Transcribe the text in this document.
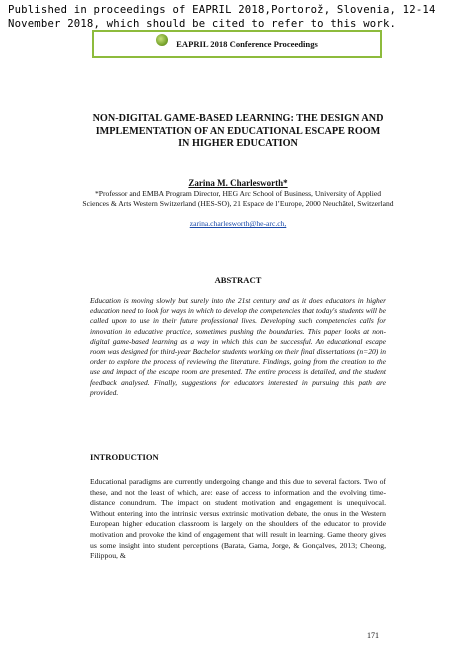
Published in proceedings of EAPRIL 2018,Portorož, Slovenia, 12-14 November 2018, which should be cited to refer to this work.
EAPRIL 2018 Conference Proceedings
NON-DIGITAL GAME-BASED LEARNING: THE DESIGN AND IMPLEMENTATION OF AN EDUCATIONAL ESCAPE ROOM IN HIGHER EDUCATION
Zarina M. Charlesworth*
*Professor and EMBA Program Director, HEG Arc School of Business, University of Applied Sciences & Arts Western Switzerland (HES-SO), 21 Espace de l’Europe, 2000 Neuchâtel, Switzerland
zarina.charlesworth@he-arc.ch,
ABSTRACT
Education is moving slowly but surely into the 21st century and as it does educators in higher education need to look for ways in which to develop the competencies that today's students will be called upon to use in their future professional lives. Developing such competencies calls for innovation in educative practice, sometimes pushing the boundaries. This paper looks at non-digital game-based learning as a way in which this can be successful. An educational escape room was designed for third-year Bachelor students working on their final dissertations (n=20) in order to explore the process of reviewing the literature. Findings, going from the creation to the use and impact of the escape room are presented. The entire process is detailed, and the student feedback analysed. Finally, suggestions for educators interested in pursuing this path are provided.
INTRODUCTION
Educational paradigms are currently undergoing change and this due to several factors. Two of these, and not the least of which, are: ease of access to information and the evolving time-distance conundrum. The impact on student motivation and engagement is unequivocal. Without entering into the intrinsic versus extrinsic motivation debate, the onus in the Western European higher education classroom is largely on the shoulders of the educator to provide motivation and provoke the kind of engagement that will result in learning. Game theory gives us some insight into student perceptions (Barata, Gama, Jorge, & Gonçalves, 2013; Cheong, Filippou, &
171
